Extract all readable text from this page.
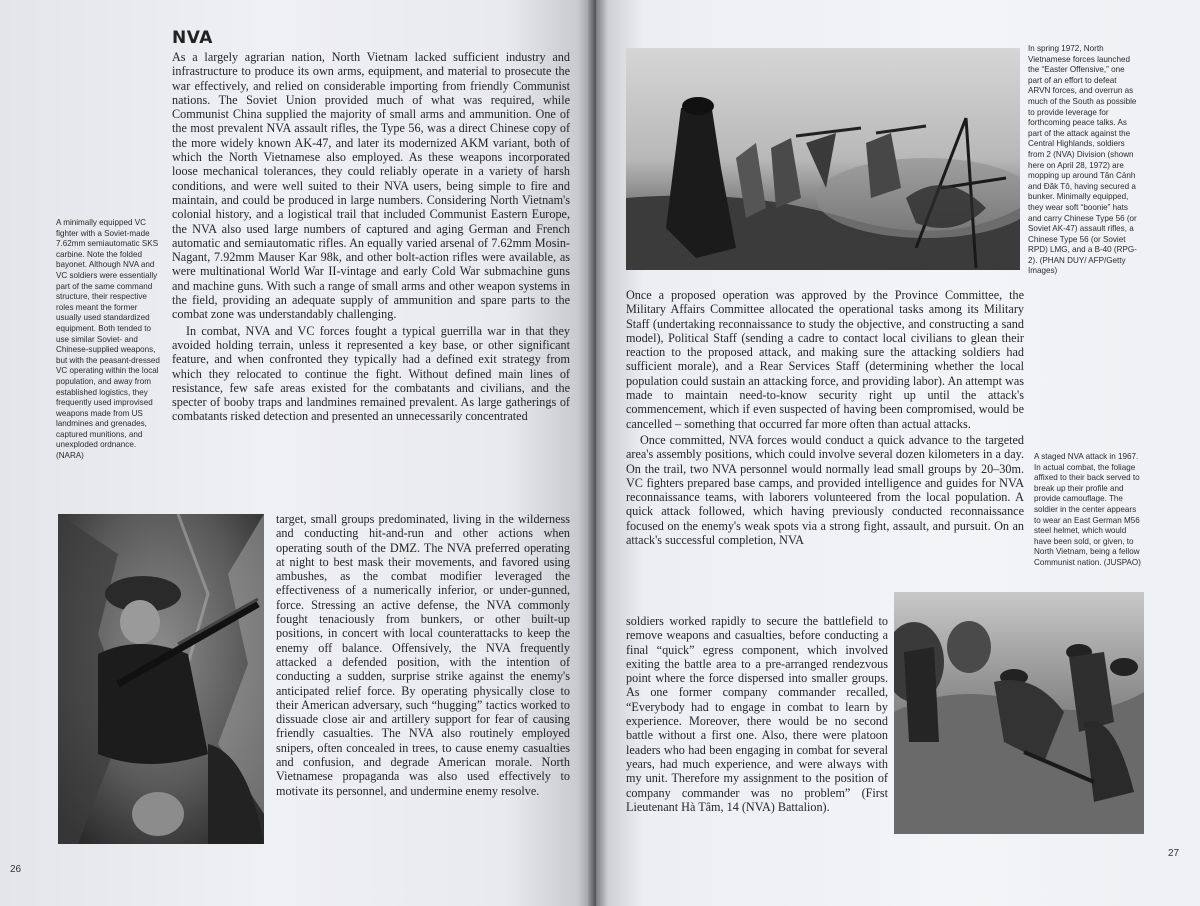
NVA

As a largely agrarian nation, North Vietnam lacked sufficient industry and infrastructure to produce its own arms, equipment, and material to prosecute the war effectively, and relied on considerable importing from friendly Communist nations. The Soviet Union provided much of what was required, while Communist China supplied the majority of small arms and ammunition. One of the most prevalent NVA assault rifles, the Type 56, was a direct Chinese copy of the more widely known AK-47, and later its modernized AKM variant, both of which the North Vietnamese also employed. As these weapons incorporated loose mechanical tolerances, they could reliably operate in a variety of harsh conditions, and were well suited to their NVA users, being simple to fire and maintain, and could be produced in large numbers. Considering North Vietnam's colonial history, and a logistical trail that included Communist Eastern Europe, the NVA also used large numbers of captured and aging German and French automatic and semiautomatic rifles. An equally varied arsenal of 7.62mm Mosin-Nagant, 7.92mm Mauser Kar 98k, and other bolt-action rifles were available, as were multinational World War II-vintage and early Cold War submachine guns and machine guns. With such a range of small arms and other weapon systems in the field, providing an adequate supply of ammunition and spare parts to the combat zone was understandably challenging.

In combat, NVA and VC forces fought a typical guerrilla war in that they avoided holding terrain, unless it represented a key base, or other significant feature, and when confronted they typically had a defined exit strategy from which they relocated to continue the fight. Without defined main lines of resistance, few safe areas existed for the combatants and civilians, and the specter of booby traps and landmines remained prevalent. As large gatherings of combatants risked detection and presented an unnecessarily concentrated

target, small groups predominated, living in the wilderness and conducting hit-and-run and other actions when operating south of the DMZ. The NVA preferred operating at night to best mask their movements, and favored using ambushes, as the combat modifier leveraged the effectiveness of a numerically inferior, or under-gunned, force. Stressing an active defense, the NVA commonly fought tenaciously from bunkers, or other built-up positions, in concert with local counterattacks to keep the enemy off balance. Offensively, the NVA frequently attacked a defended position, with the intention of conducting a sudden, surprise strike against the enemy's anticipated relief force. By operating physically close to their American adversary, such “hugging” tactics worked to dissuade close air and artillery support for fear of causing friendly casualties. The NVA also routinely employed snipers, often concealed in trees, to cause enemy casualties and confusion, and degrade American morale. North Vietnamese propaganda was also used effectively to motivate its personnel, and undermine enemy resolve.

A minimally equipped VC fighter with a Soviet-made 7.62mm semiautomatic SKS carbine. Note the folded bayonet. Although NVA and VC soldiers were essentially part of the same command structure, their respective roles meant the former usually used standardized equipment. Both tended to use similar Soviet- and Chinese-supplied weapons, but with the peasant-dressed VC operating within the local population, and away from established logistics, they frequently used improvised weapons made from US landmines and grenades, captured munitions, and unexploded ordnance. (NARA)
26
In spring 1972, North Vietnamese forces launched the “Easter Offensive,” one part of an effort to defeat ARVN forces, and overrun as much of the South as possible to provide leverage for forthcoming peace talks. As part of the attack against the Central Highlands, soldiers from 2 (NVA) Division (shown here on April 28, 1972) are mopping up around Tân Cảnh and Đăk Tô, having secured a bunker. Minimally equipped, they wear soft “boonie” hats and carry Chinese Type 56 (or Soviet AK-47) assault rifles, a Chinese Type 56 (or Soviet RPD) LMG, and a B-40 (RPG-2). (PHAN DUY/ AFP/Getty Images)

Once a proposed operation was approved by the Province Committee, the Military Affairs Committee allocated the operational tasks among its Military Staff (undertaking reconnaissance to study the objective, and constructing a sand model), Political Staff (sending a cadre to contact local civilians to glean their reaction to the proposed attack, and making sure the attacking soldiers had sufficient morale), and a Rear Services Staff (determining whether the local population could sustain an attacking force, and providing labor). An attempt was made to maintain need-to-know security right up until the attack's commencement, which if even suspected of having been compromised, would be cancelled – something that occurred far more often than actual attacks.

Once committed, NVA forces would conduct a quick advance to the targeted area's assembly positions, which could involve several dozen kilometers in a day. On the trail, two NVA personnel would normally lead small groups by 20–30m. VC fighters prepared base camps, and provided intelligence and guides for NVA reconnaissance teams, with laborers volunteered from the local population. A quick attack followed, which having previously conducted reconnaissance focused on the enemy's weak spots via a strong fight, assault, and pursuit. On an attack's successful completion, NVA

soldiers worked rapidly to secure the battlefield to remove weapons and casualties, before conducting a final “quick” egress component, which involved exiting the battle area to a pre-arranged rendezvous point where the force dispersed into smaller groups. As one former company commander recalled, “Everybody had to engage in combat to learn by experience. Moreover, there would be no second battle without a first one. Also, there were platoon leaders who had been engaging in combat for several years, had much experience, and were always with my unit. Therefore my assignment to the position of company commander was no problem” (First Lieutenant Hà Tâm, 14 (NVA) Battalion).

A staged NVA attack in 1967. In actual combat, the foliage affixed to their back served to break up their profile and provide camouflage. The soldier in the center appears to wear an East German M56 steel helmet, which would have been sold, or given, to North Vietnam, being a fellow Communist nation. (JUSPAO)
27
